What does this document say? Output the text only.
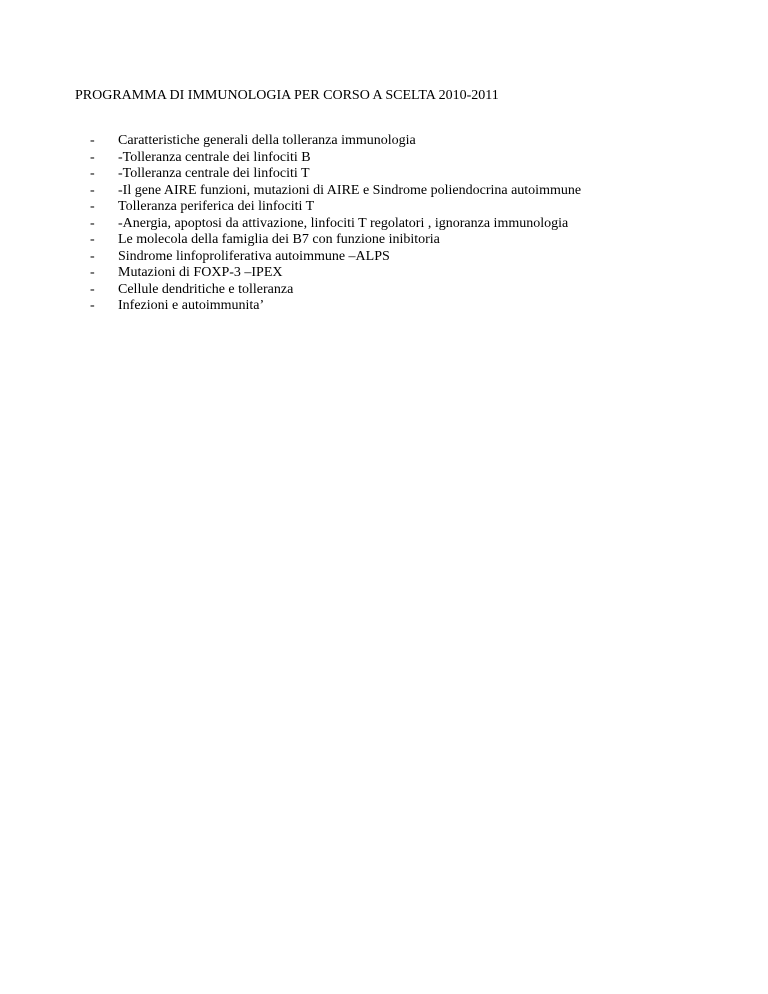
PROGRAMMA DI IMMUNOLOGIA PER CORSO A SCELTA 2010-2011
- Caratteristiche generali della tolleranza immunologia
- -Tolleranza centrale dei linfociti B
- -Tolleranza centrale dei linfociti T
- -Il gene AIRE funzioni, mutazioni di AIRE e Sindrome poliendocrina autoimmune
- Tolleranza periferica dei linfociti T
- -Anergia, apoptosi da attivazione, linfociti T regolatori , ignoranza immunologia
- Le molecola della famiglia dei B7 con funzione inibitoria
- Sindrome linfoproliferativa autoimmune –ALPS
- Mutazioni di FOXP-3 –IPEX
- Cellule dendritiche e tolleranza
- Infezioni e autoimmunita’
